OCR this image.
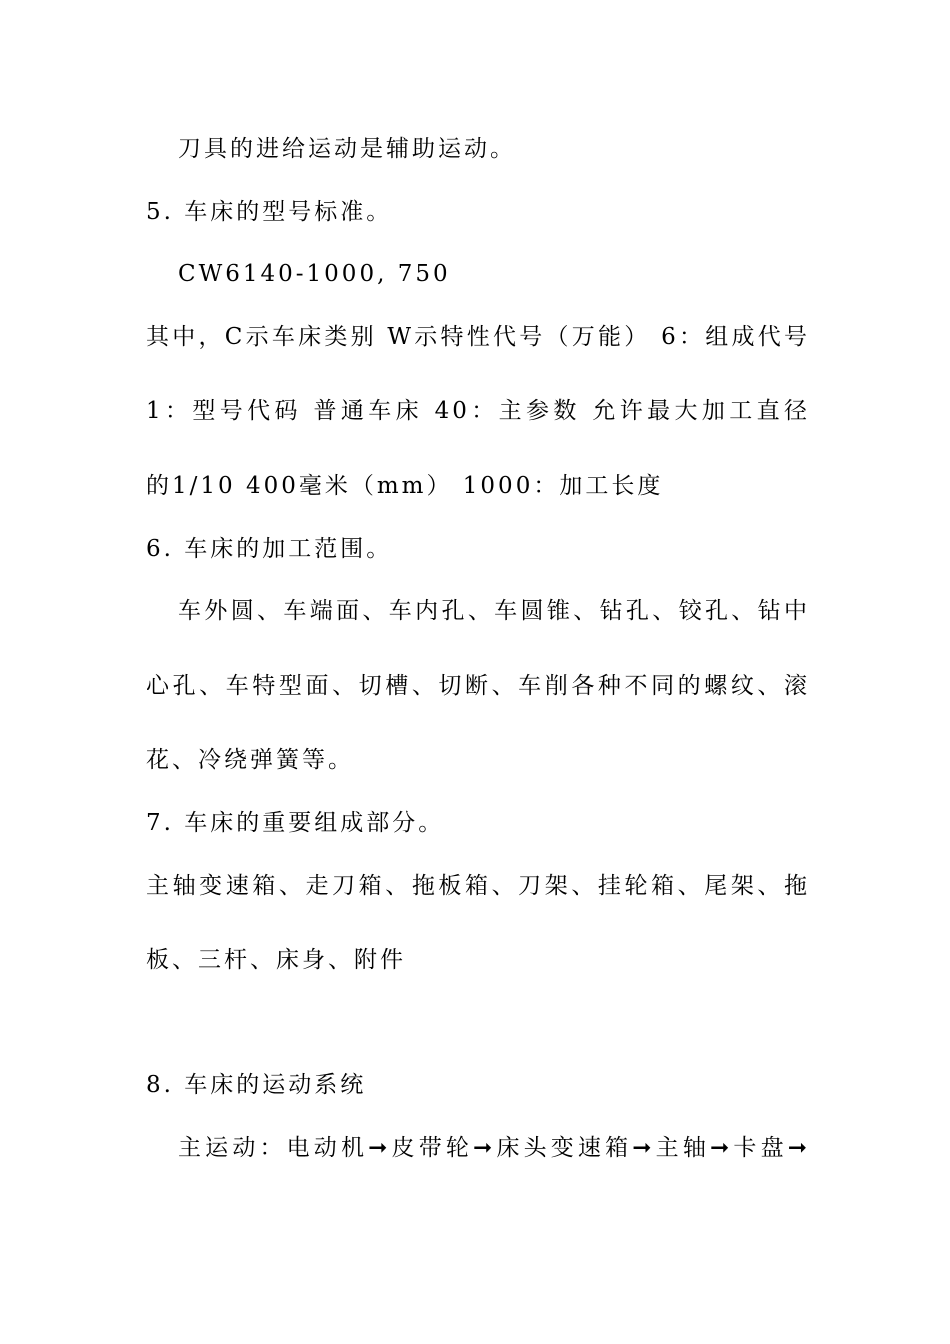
刀具的进给运动是辅助运动。
5. 车床的型号标准。
CW6140-1000, 750
其中，C示车床类别 W示特性代号（万能） 6：组成代号
1：型号代码 普通车床 40：主参数 允许最大加工直径
的1/10 400毫米（mm） 1000：加工长度
6. 车床的加工范围。
车外圆、车端面、车内孔、车圆锥、钻孔、铰孔、钻中
心孔、车特型面、切槽、切断、车削各种不同的螺纹、滚
花、冷绕弹簧等。
7. 车床的重要组成部分。
主轴变速箱、走刀箱、拖板箱、刀架、挂轮箱、尾架、拖
板、三杆、床身、附件
8. 车床的运动系统
主运动：电动机➞皮带轮➞床头变速箱➞主轴➞卡盘➞
